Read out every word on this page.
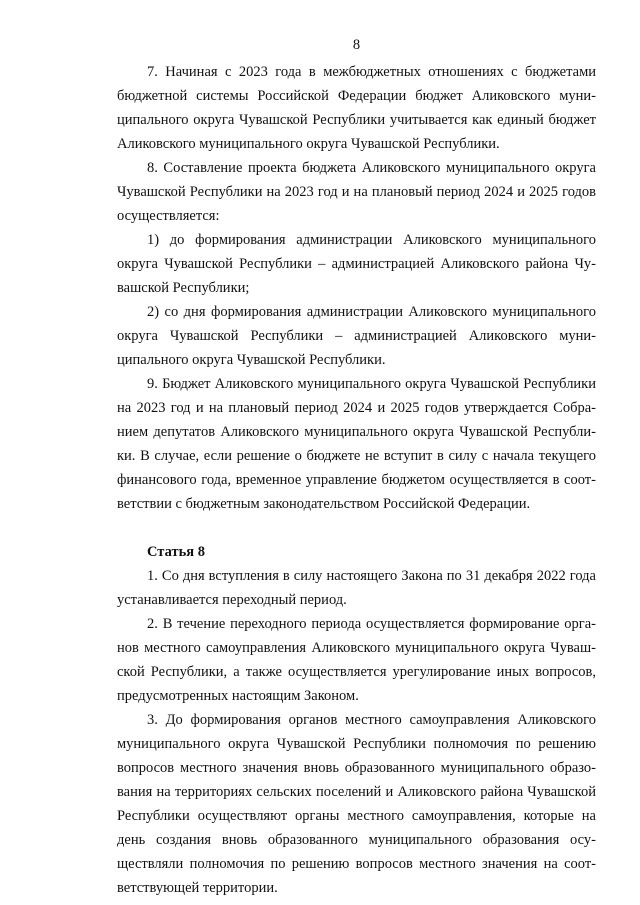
8

7. Начиная с 2023 года в межбюджетных отношениях с бюджетами бюджетной системы Российской Федерации бюджет Аликовского муниципального округа Чувашской Республики учитывается как единый бюджет Аликовского муниципального округа Чувашской Республики.

8. Составление проекта бюджета Аликовского муниципального округа Чувашской Республики на 2023 год и на плановый период 2024 и 2025 годов осуществляется:

1) до формирования администрации Аликовского муниципального округа Чувашской Республики – администрацией Аликовского района Чувашской Республики;

2) со дня формирования администрации Аликовского муниципального округа Чувашской Республики – администрацией Аликовского муниципального округа Чувашской Республики.

9. Бюджет Аликовского муниципального округа Чувашской Республики на 2023 год и на плановый период 2024 и 2025 годов утверждается Собранием депутатов Аликовского муниципального округа Чувашской Республики. В случае, если решение о бюджете не вступит в силу с начала текущего финансового года, временное управление бюджетом осуществляется в соответствии с бюджетным законодательством Российской Федерации.

Статья 8

1. Со дня вступления в силу настоящего Закона по 31 декабря 2022 года устанавливается переходный период.

2. В течение переходного периода осуществляется формирование органов местного самоуправления Аликовского муниципального округа Чувашской Республики, а также осуществляется урегулирование иных вопросов, предусмотренных настоящим Законом.

3. До формирования органов местного самоуправления Аликовского муниципального округа Чувашской Республики полномочия по решению вопросов местного значения вновь образованного муниципального образования на территориях сельских поселений и Аликовского района Чувашской Республики осуществляют органы местного самоуправления, которые на день создания вновь образованного муниципального образования осуществляли полномочия по решению вопросов местного значения на соответствующей территории.
